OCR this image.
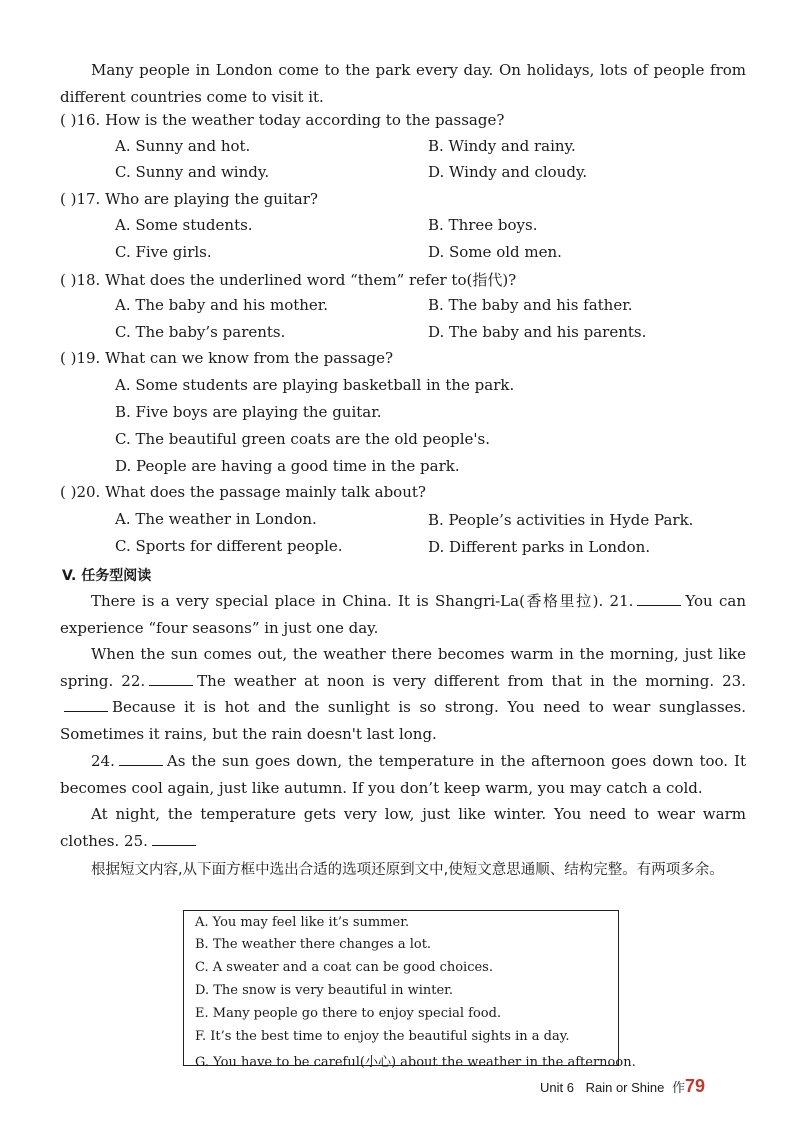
Many people in London come to the park every day. On holidays, lots of people from different countries come to visit it.
( )16. How is the weather today according to the passage?
A. Sunny and hot.	B. Windy and rainy.
C. Sunny and windy.	D. Windy and cloudy.
( )17. Who are playing the guitar?
A. Some students.	B. Three boys.
C. Five girls.	D. Some old men.
( )18. What does the underlined word “them” refer to(指代)?
A. The baby and his mother.	B. The baby and his father.
C. The baby’s parents.	D. The baby and his parents.
( )19. What can we know from the passage?
A. Some students are playing basketball in the park.
B. Five boys are playing the guitar.
C. The beautiful green coats are the old people's.
D. People are having a good time in the park.
( )20. What does the passage mainly talk about?
A. The weather in London.	B. People’s activities in Hyde Park.
C. Sports for different people.	D. Different parks in London.
V. 任务型阅读
There is a very special place in China. It is Shangri-La(香格里拉). 21.	You can experience “four seasons” in just one day.
When the sun comes out, the weather there becomes warm in the morning, just like spring. 22.	The weather at noon is very different from that in the morning. 23.Because it is hot and the sunlight is so strong. You need to wear sunglasses. Sometimes it rains, but the rain doesn't last long.
24.	As the sun goes down, the temperature in the afternoon goes down too. It becomes cool again, just like autumn. If you don’t keep warm, you may catch a cold.
At night, the temperature gets very low, just like winter. You need to wear warm clothes. 25.
根据短文内容,从下面方框中选出合适的选项还原到文中,使短文意思通顺、结构完整。有两项多余。
A. You may feel like it’s summer.
B. The weather there changes a lot.
C. A sweater and a coat can be good choices.
D. The snow is very beautiful in winter.
E. Many people go there to enjoy special food.
F. It’s the best time to enjoy the beautiful sights in a day.
G. You have to be careful(小心) about the weather in the afternoon.
Unit 6 Rain or Shine 作79
